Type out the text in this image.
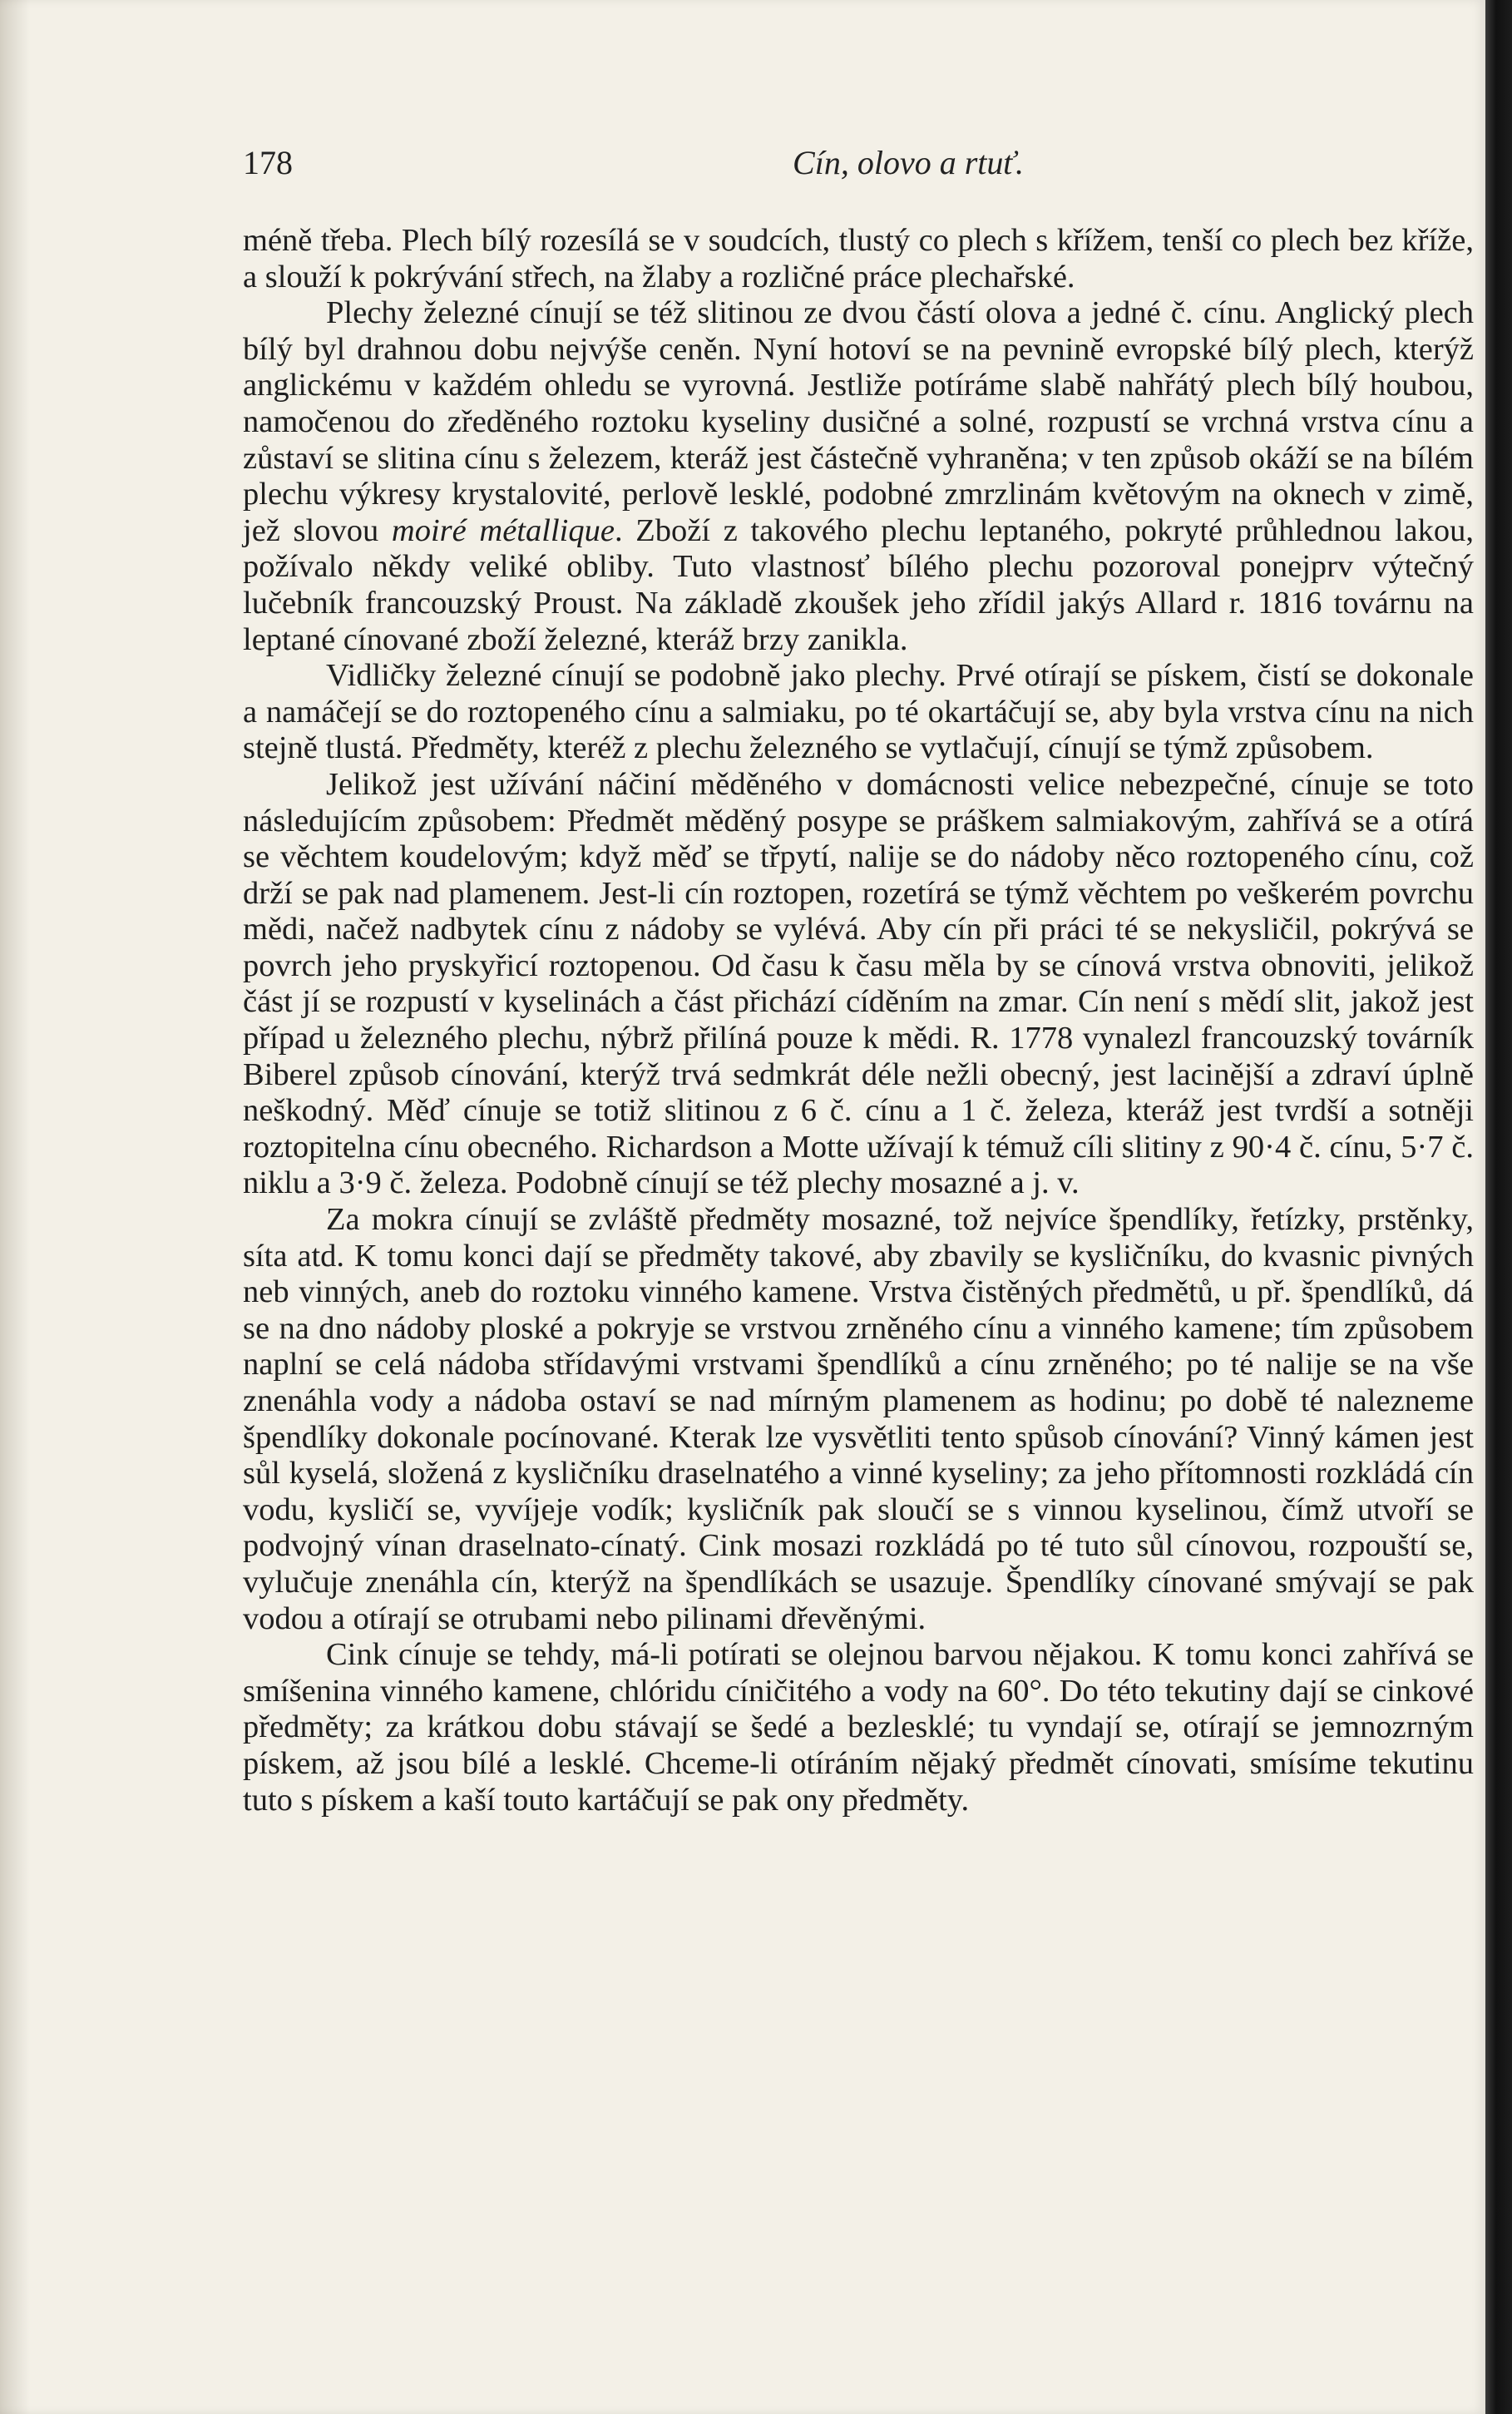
178	Cín, olovo a rtuť.

méně třeba. Plech bílý rozesílá se v soudcích, tlustý co plech s křížem, tenší co plech bez kříže, a slouží k pokrývání střech, na žlaby a rozličné práce plechařské.

Plechy železné cínují se též slitinou ze dvou částí olova a jedné č. cínu. Anglický plech bílý byl drahnou dobu nejvýše ceněn. Nyní hotoví se na pevnině evropské bílý plech, kterýž anglickému v každém ohledu se vyrovná. Jestliže potíráme slabě nahřátý plech bílý houbou, namočenou do zředěného roztoku kyseliny dusičné a solné, rozpustí se vrchná vrstva cínu a zůstaví se slitina cínu s železem, kteráž jest částečně vyhraněna; v ten způsob okáží se na bílém plechu výkresy krystalovité, perlově lesklé, podobné zmrzlinám květovým na oknech v zimě, jež slovou moiré métallique. Zboží z takového plechu leptaného, pokryté průhlednou lakou, požívalo někdy veliké obliby. Tuto vlastnosť bílého plechu pozoroval ponejprv výtečný lučebník francouzský Proust. Na základě zkoušek jeho zřídil jakýs Allard r. 1816 továrnu na leptané cínované zboží železné, kteráž brzy zanikla.

Vidličky železné cínují se podobně jako plechy. Prvé otírají se pískem, čistí se dokonale a namáčejí se do roztopeného cínu a salmiaku, po té okartáčují se, aby byla vrstva cínu na nich stejně tlustá. Předměty, kteréž z plechu železného se vytlačují, cínují se týmž způsobem.

Jelikož jest užívání náčiní měděného v domácnosti velice nebezpečné, cínuje se toto následujícím způsobem: Předmět měděný posype se práškem salmiakovým, zahřívá se a otírá se věchtem koudelovým; když měď se třpytí, nalije se do nádoby něco roztopeného cínu, což drží se pak nad plamenem. Jest-li cín roztopen, rozetírá se týmž věchtem po veškerém povrchu mědi, načež nadbytek cínu z nádoby se vylévá. Aby cín při práci té se nekysličil, pokrývá se povrch jeho pryskyřicí roztopenou. Od času k času měla by se cínová vrstva obnoviti, jelikož část jí se rozpustí v kyselinách a část přichází cíděním na zmar. Cín není s mědí slit, jakož jest případ u železného plechu, nýbrž přilíná pouze k mědi. R. 1778 vynalezl francouzský továrník Biberel způsob cínování, kterýž trvá sedmkrát déle nežli obecný, jest lacinější a zdraví úplně neškodný. Měď cínuje se totiž slitinou z 6 č. cínu a 1 č. železa, kteráž jest tvrdší a sotněji roztopitelna cínu obecného. Richardson a Motte užívají k témuž cíli slitiny z 90·4 č. cínu, 5·7 č. niklu a 3·9 č. železa. Podobně cínují se též plechy mosazné a j. v.

Za mokra cínují se zvláště předměty mosazné, tož nejvíce špendlíky, řetízky, prstěnky, síta atd. K tomu konci dají se předměty takové, aby zbavily se kysličníku, do kvasnic pivných neb vinných, aneb do roztoku vinného kamene. Vrstva čistěných předmětů, u př. špendlíků, dá se na dno nádoby ploské a pokryje se vrstvou zrněného cínu a vinného kamene; tím způsobem naplní se celá nádoba střídavými vrstvami špendlíků a cínu zrněného; po té nalije se na vše znenáhla vody a nádoba ostaví se nad mírným plamenem as hodinu; po době té nalezneme špendlíky dokonale pocínované. Kterak lze vysvětliti tento spůsob cínování? Vinný kámen jest sůl kyselá, složená z kysličníku draselnatého a vinné kyseliny; za jeho přítomnosti rozkládá cín vodu, kysličí se, vyvíjeje vodík; kysličník pak sloučí se s vinnou kyselinou, čímž utvoří se podvojný vínan draselnato-cínatý. Cink mosazi rozkládá po té tuto sůl cínovou, rozpouští se, vylučuje znenáhla cín, kterýž na špendlíkách se usazuje. Špendlíky cínované smývají se pak vodou a otírají se otrubami nebo pilinami dřevěnými.

Cink cínuje se tehdy, má-li potírati se olejnou barvou nějakou. K tomu konci zahřívá se smíšenina vinného kamene, chlóridu cíničitého a vody na 60°. Do této tekutiny dají se cinkové předměty; za krátkou dobu stávají se šedé a bezlesklé; tu vyndají se, otírají se jemnozrným pískem, až jsou bílé a lesklé. Chceme-li otíráním nějaký předmět cínovati, smísíme tekutinu tuto s pískem a kaší touto kartáčují se pak ony předměty.
